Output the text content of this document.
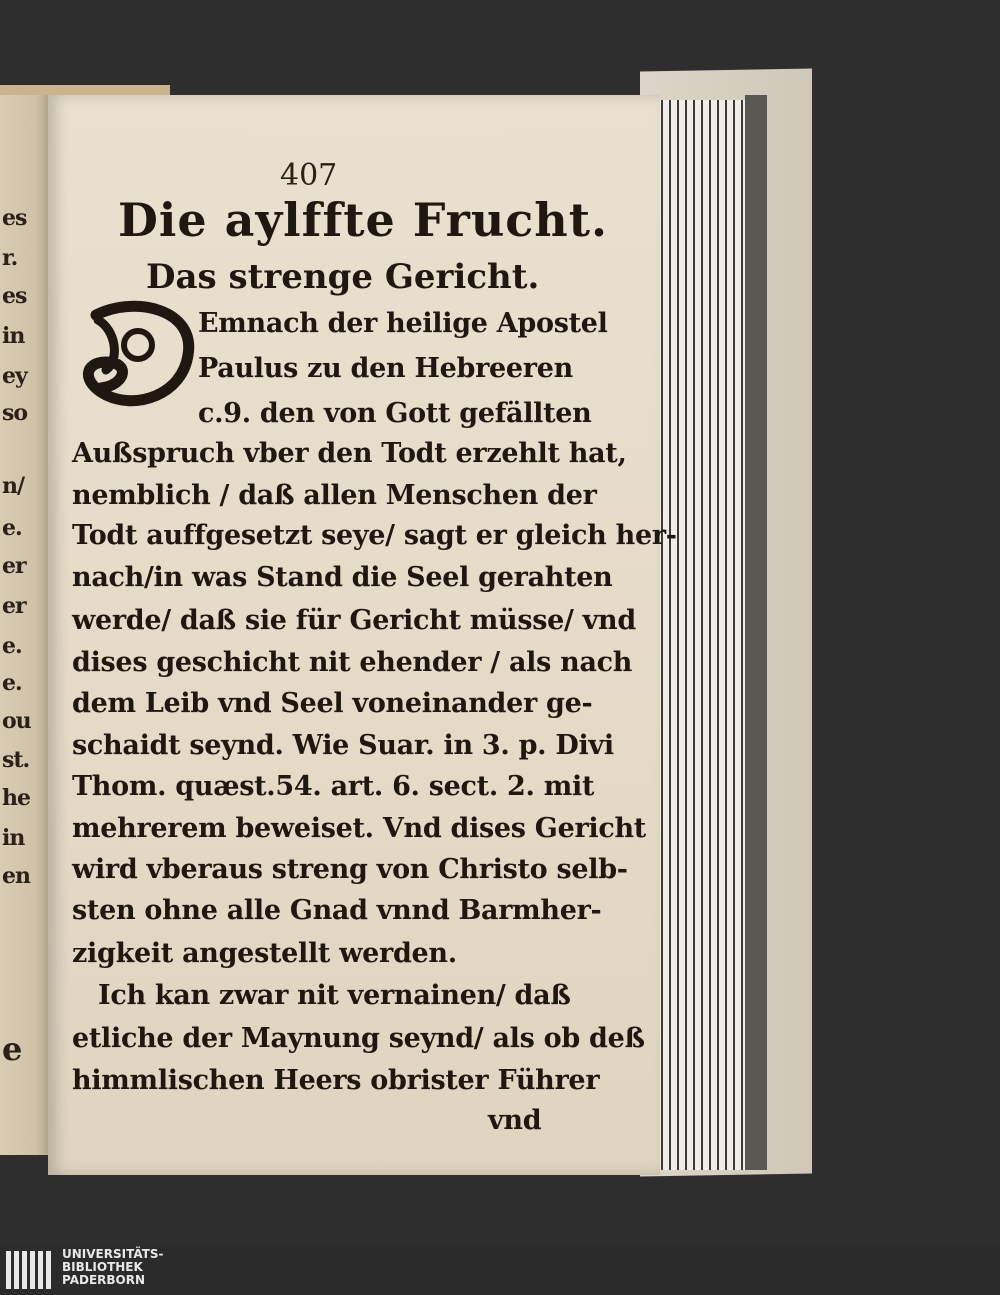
es
r.
es
in
ey
so
n/
e.
er
er
e.
e.
ou
st.
he
in
en
e
407
Die aylffte Frucht.
Das strenge Gericht.
Emnach der heilige Apostel
Paulus zu den Hebreeren
c.9. den von Gott gefällten
Außspruch vber den Todt erzehlt hat,
nemblich / daß allen Menschen der
Todt auffgesetzt seye/ sagt er gleich her-
nach/in was Stand die Seel gerahten
werde/ daß sie für Gericht müsse/ vnd
dises geschicht nit ehender / als nach
dem Leib vnd Seel voneinander ge-
schaidt seynd. Wie Suar. in 3. p. Divi
Thom. quæst.54. art. 6. sect. 2. mit
mehrerem beweiset. Vnd dises Gericht
wird vberaus streng von Christo selb-
sten ohne alle Gnad vnnd Barmher-
zigkeit angestellt werden.
Ich kan zwar nit vernainen/ daß
etliche der Maynung seynd/ als ob deß
himmlischen Heers obrister Führer
vnd
UNIVERSITÄTS-
BIBLIOTHEK
PADERBORN
